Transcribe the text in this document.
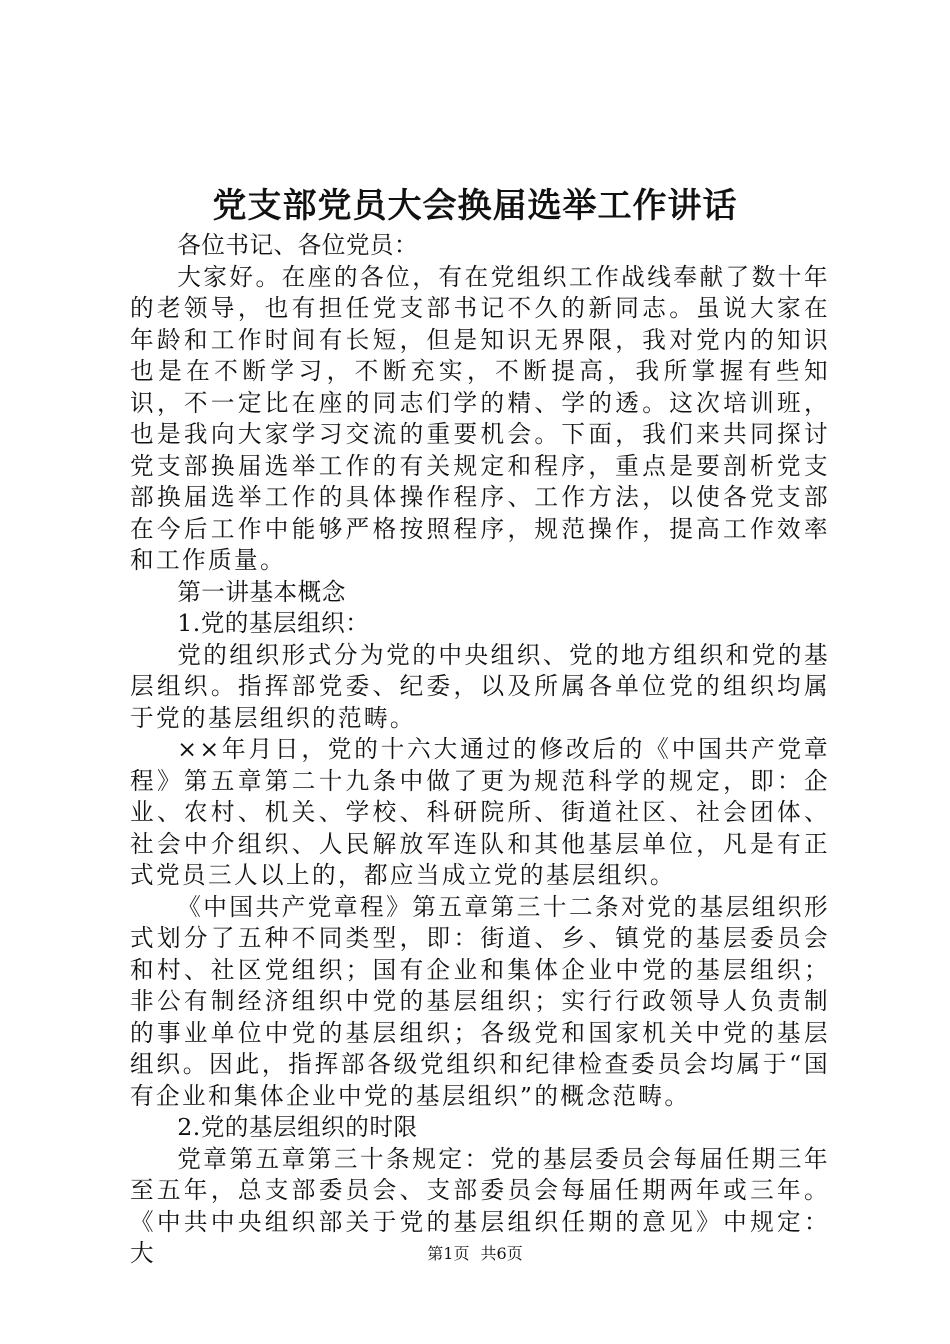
党支部党员大会换届选举工作讲话

各位书记、各位党员：

大家好。在座的各位，有在党组织工作战线奉献了数十年的老领导，也有担任党支部书记不久的新同志。虽说大家在年龄和工作时间有长短，但是知识无界限，我对党内的知识也是在不断学习，不断充实，不断提高，我所掌握有些知识，不一定比在座的同志们学的精、学的透。这次培训班，也是我向大家学习交流的重要机会。下面，我们来共同探讨党支部换届选举工作的有关规定和程序，重点是要剖析党支部换届选举工作的具体操作程序、工作方法，以使各党支部在今后工作中能够严格按照程序，规范操作，提高工作效率和工作质量。

第一讲基本概念

1.党的基层组织：

党的组织形式分为党的中央组织、党的地方组织和党的基层组织。指挥部党委、纪委，以及所属各单位党的组织均属于党的基层组织的范畴。

××年月日，党的十六大通过的修改后的《中国共产党章程》第五章第二十九条中做了更为规范科学的规定，即：企业、农村、机关、学校、科研院所、街道社区、社会团体、社会中介组织、人民解放军连队和其他基层单位，凡是有正式党员三人以上的，都应当成立党的基层组织。

《中国共产党章程》第五章第三十二条对党的基层组织形式划分了五种不同类型，即：街道、乡、镇党的基层委员会和村、社区党组织；国有企业和集体企业中党的基层组织；非公有制经济组织中党的基层组织；实行行政领导人负责制的事业单位中党的基层组织；各级党和国家机关中党的基层组织。因此，指挥部各级党组织和纪律检查委员会均属于“国有企业和集体企业中党的基层组织”的概念范畴。

2.党的基层组织的时限

党章第五章第三十条规定：党的基层委员会每届任期三年至五年，总支部委员会、支部委员会每届任期两年或三年。《中共中央组织部关于党的基层组织任期的意见》中规定：大	第1页 共6页
